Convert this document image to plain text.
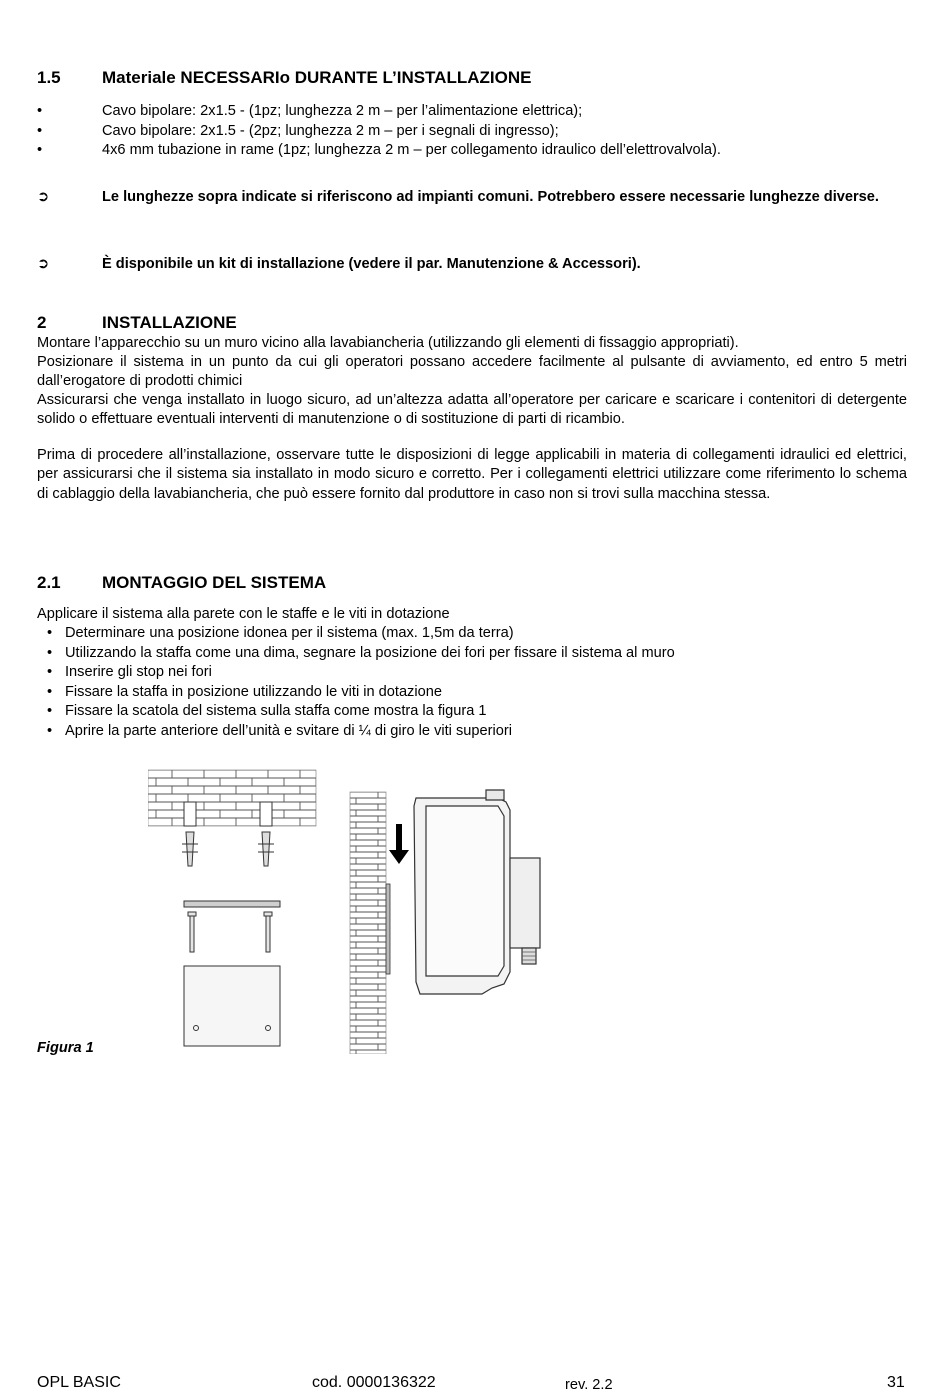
1.5 Materiale NECESSARIo DURANTE L’INSTALLAZIONE
•	Cavo bipolare: 2x1.5 - (1pz; lunghezza 2 m – per l’alimentazione elettrica);
•	Cavo bipolare: 2x1.5 - (2pz; lunghezza 2 m – per i segnali di ingresso);
•	4x6 mm tubazione in rame (1pz; lunghezza 2 m – per collegamento idraulico dell’elettrovalvola).
➲	Le lunghezze sopra indicate si riferiscono ad impianti comuni. Potrebbero essere necessarie lunghezze diverse.
➲	È disponibile un kit di installazione (vedere il par. Manutenzione & Accessori).
2	INSTALLAZIONE
Montare l’apparecchio su un muro vicino alla lavabiancheria (utilizzando gli elementi di fissaggio appropriati).
Posizionare il sistema in un punto da cui gli operatori possano accedere facilmente al pulsante di avviamento, ed entro 5 metri dall’erogatore di prodotti chimici
Assicurarsi che venga installato in luogo sicuro, ad un’altezza adatta all’operatore per caricare e scaricare i contenitori di detergente solido o effettuare eventuali interventi di manutenzione o di sostituzione di parti di ricambio.
Prima di procedere all’installazione, osservare tutte le disposizioni di legge applicabili in materia di collegamenti idraulici ed elettrici, per assicurarsi che il sistema sia installato in modo sicuro e corretto. Per i collegamenti elettrici utilizzare come riferimento lo schema di cablaggio della lavabiancheria, che può essere fornito dal produttore in caso non si trovi sulla macchina stessa.
2.1 MONTAGGIO DEL SISTEMA
Applicare il sistema alla parete con le staffe e le viti in dotazione
• Determinare una posizione idonea per il sistema (max. 1,5m da terra)
• Utilizzando la staffa come una dima, segnare la posizione dei fori per fissare il sistema al muro
• Inserire gli stop nei fori
• Fissare la staffa in posizione utilizzando le viti in dotazione
• Fissare la scatola del sistema sulla staffa come mostra la figura 1
• Aprire la parte anteriore dell’unità e svitare di ¼ di giro le viti superiori
Figura 1
OPL BASIC	cod. 0000136322	rev. 2.2	31
